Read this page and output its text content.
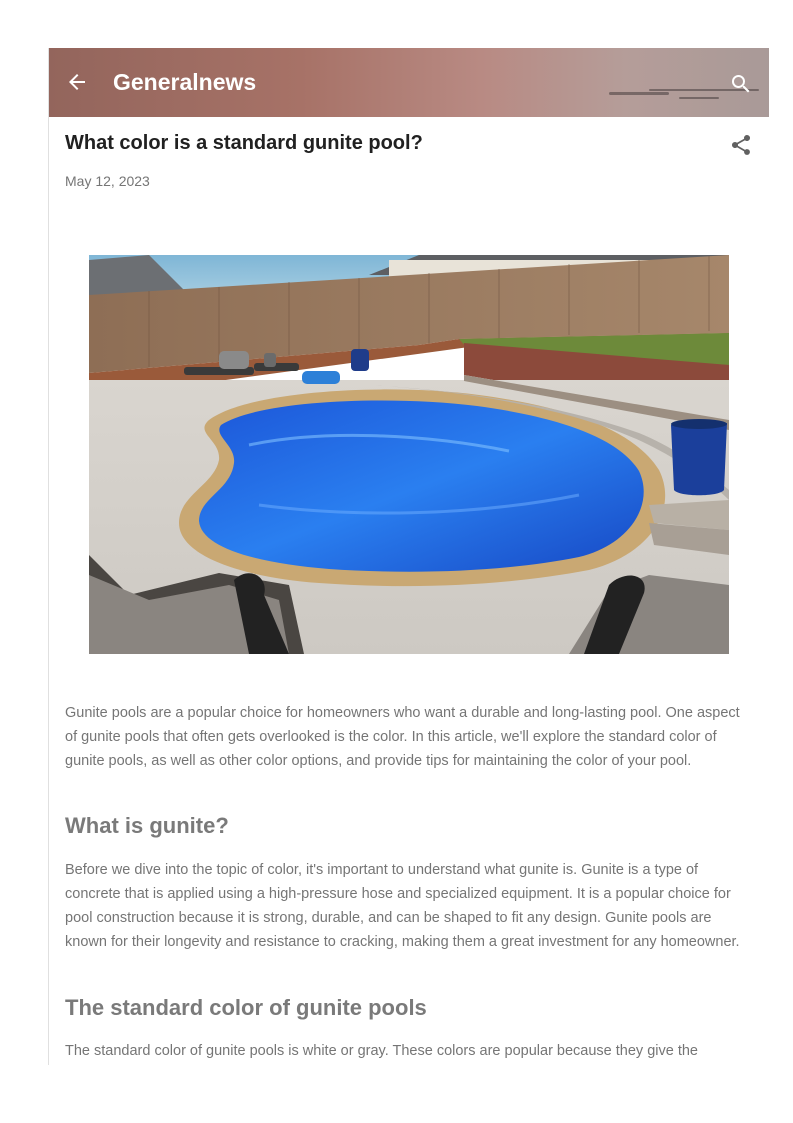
Generalnews
What color is a standard gunite pool?
May 12, 2023

Gunite pools are a popular choice for homeowners who want a durable and long-lasting pool. One aspect of gunite pools that often gets overlooked is the color. In this article, we'll explore the standard color of gunite pools, as well as other color options, and provide tips for maintaining the color of your pool.

What is gunite?

Before we dive into the topic of color, it's important to understand what gunite is. Gunite is a type of concrete that is applied using a high-pressure hose and specialized equipment. It is a popular choice for pool construction because it is strong, durable, and can be shaped to fit any design. Gunite pools are known for their longevity and resistance to cracking, making them a great investment for any homeowner.

The standard color of gunite pools

The standard color of gunite pools is white or gray. These colors are popular because they give the
